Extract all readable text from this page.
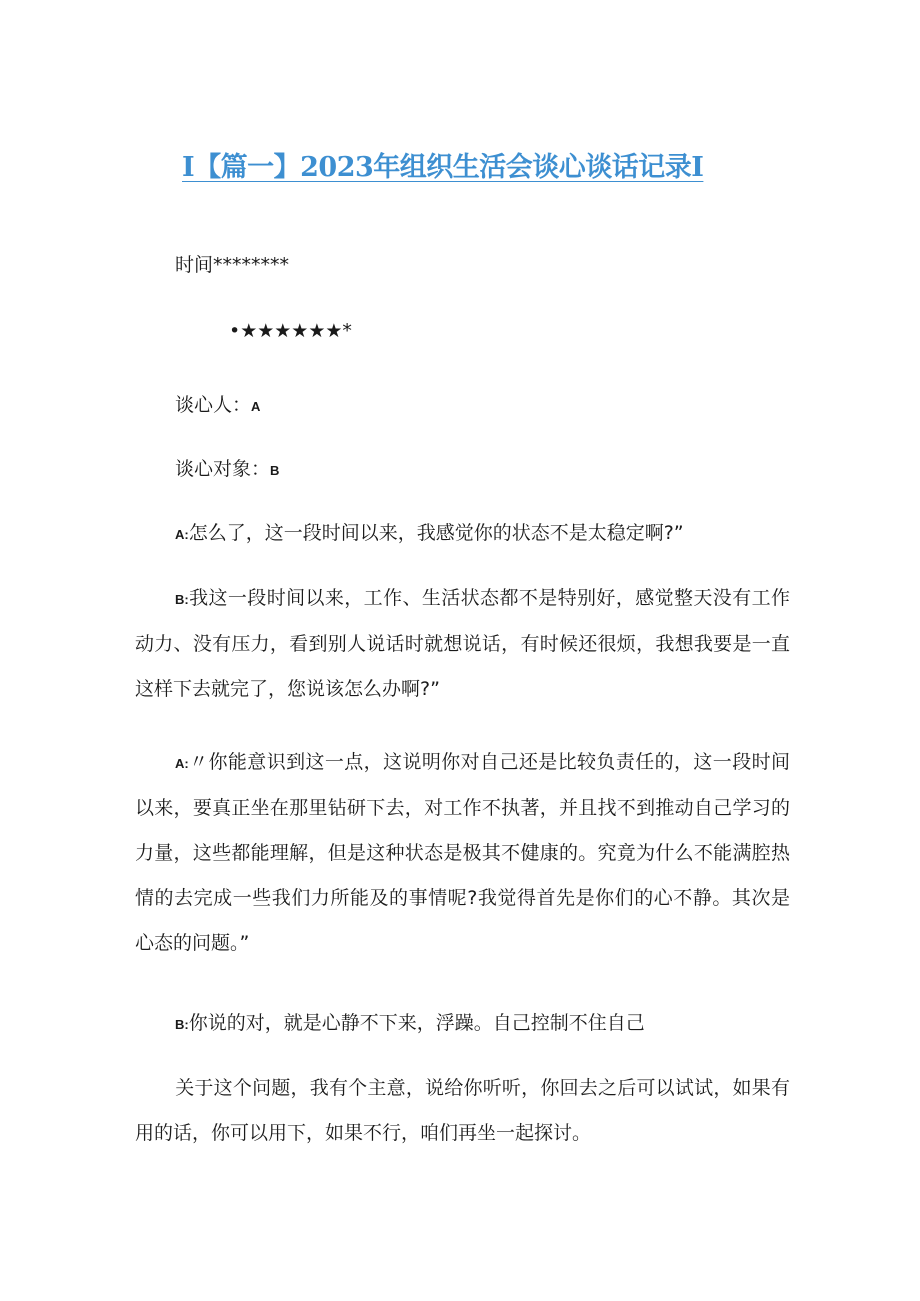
I【篇一】2023年组织生活会谈心谈话记录I
时间********
•★★★★★★*
谈心人：A
谈心对象：B
A:怎么了，这一段时间以来，我感觉你的状态不是太稳定啊?”

B:我这一段时间以来，工作、生活状态都不是特别好，感觉整天没有工作动力、没有压力，看到别人说话时就想说话，有时候还很烦，我想我要是一直这样下去就完了，您说该怎么办啊?”

A:〃你能意识到这一点，这说明你对自己还是比较负责任的，这一段时间以来，要真正坐在那里钻研下去，对工作不执著，并且找不到推动自己学习的力量，这些都能理解，但是这种状态是极其不健康的。究竟为什么不能满腔热情的去完成一些我们力所能及的事情呢?我觉得首先是你们的心不静。其次是心态的问题。”

B:你说的对，就是心静不下来，浮躁。自己控制不住自己

关于这个问题，我有个主意，说给你听听，你回去之后可以试试，如果有用的话，你可以用下，如果不行，咱们再坐一起探讨。
